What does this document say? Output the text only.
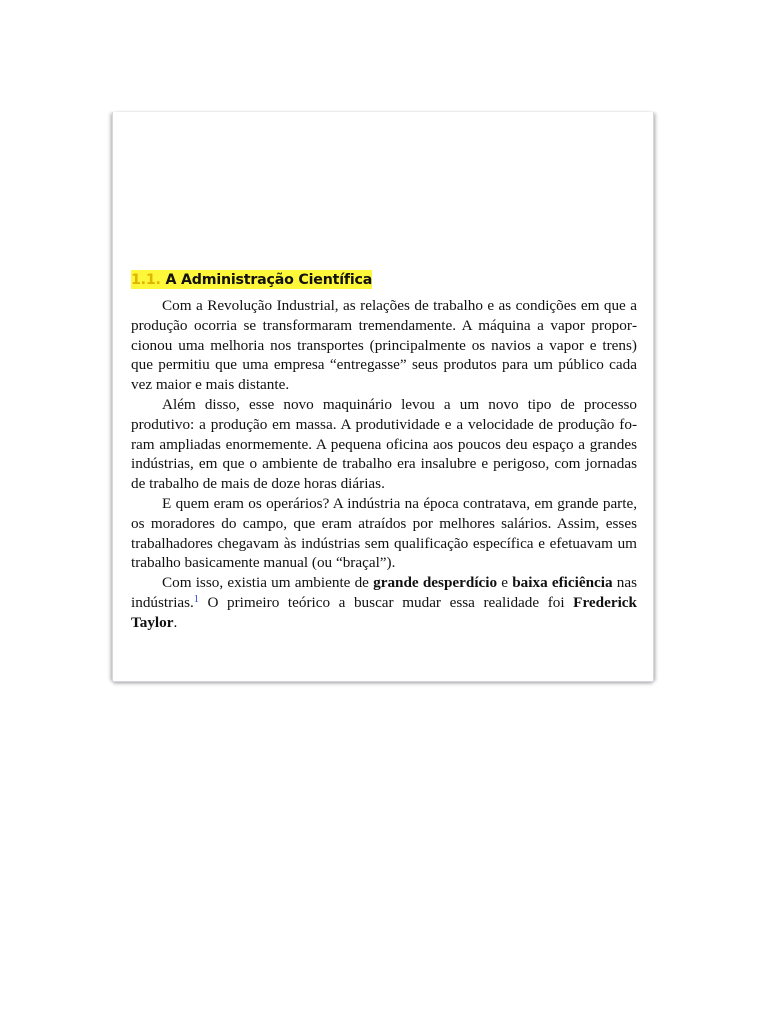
1.1. A Administração Científica

Com a Revolução Industrial, as relações de trabalho e as condições em que a produção ocorria se transformaram tremendamente. A máquina a vapor proporcionou uma melhoria nos transportes (principalmente os navios a vapor e trens) que permitiu que uma empresa “entregasse” seus produtos para um público cada vez maior e mais distante.

Além disso, esse novo maquinário levou a um novo tipo de processo produtivo: a produção em massa. A produtividade e a velocidade de produção foram ampliadas enormemente. A pequena oficina aos poucos deu espaço a grandes indústrias, em que o ambiente de trabalho era insalubre e perigoso, com jornadas de trabalho de mais de doze horas diárias.

E quem eram os operários? A indústria na época contratava, em grande parte, os moradores do campo, que eram atraídos por melhores salários. Assim, esses trabalhadores chegavam às indústrias sem qualificação específica e efetuavam um trabalho basicamente manual (ou “braçal”).

Com isso, existia um ambiente de grande desperdício e baixa eficiência nas indústrias.$^1$ O primeiro teórico a buscar mudar essa realidade foi Frederick Taylor.
